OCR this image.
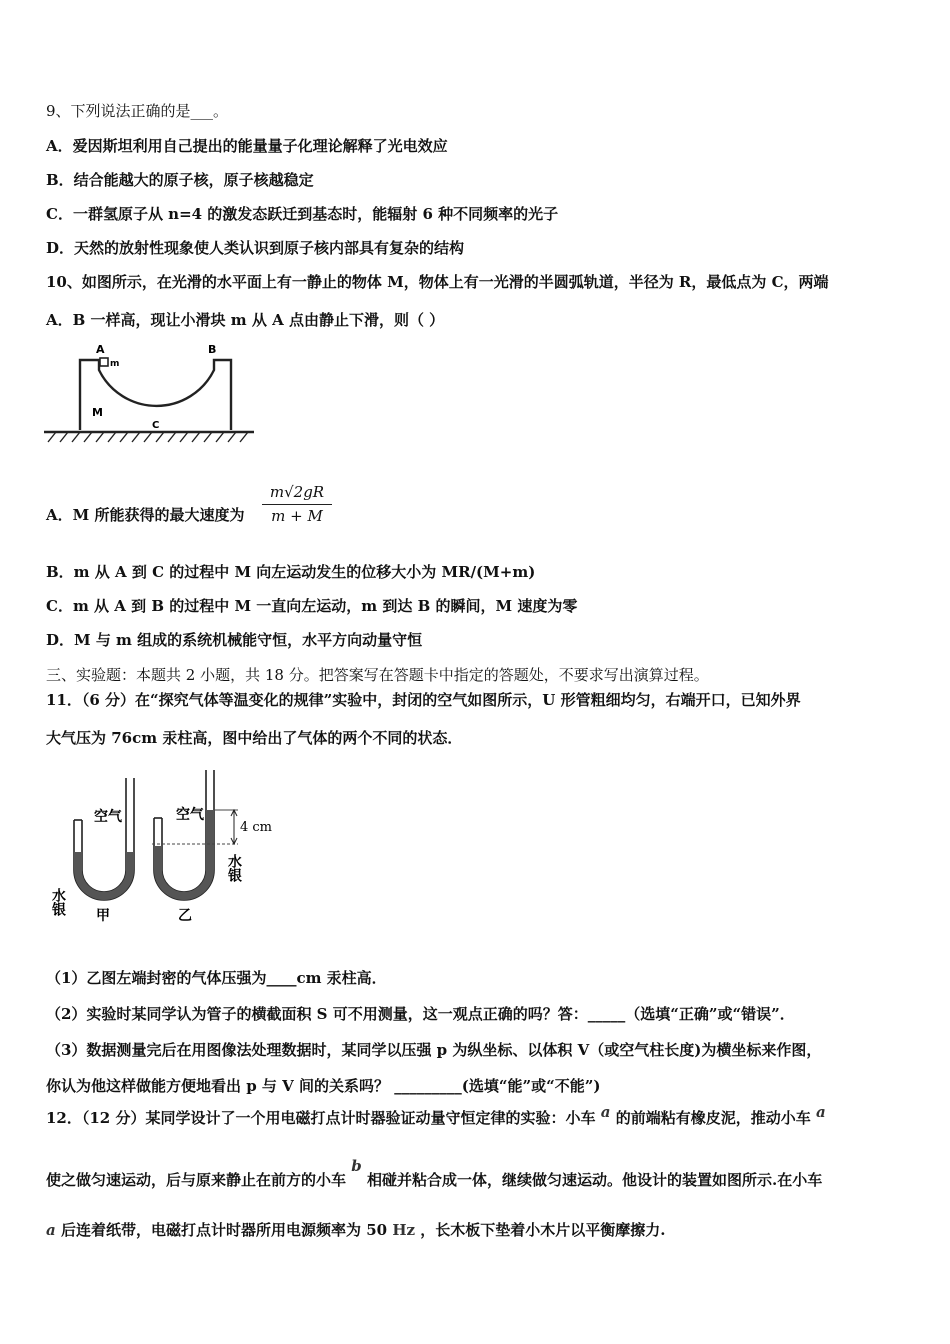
9、下列说法正确的是___。
A．爱因斯坦利用自己提出的能量量子化理论解释了光电效应
B．结合能越大的原子核，原子核越稳定
C．一群氢原子从 n=4 的激发态跃迁到基态时，能辐射 6 种不同频率的光子
D．天然的放射性现象使人类认识到原子核内部具有复杂的结构
10、如图所示，在光滑的水平面上有一静止的物体 M，物体上有一光滑的半圆弧轨道，半径为 R，最低点为 C，两端
A．B 一样高，现让小滑块 m 从 A 点由静止下滑，则（ ）
A	B
m
M
C
A．M 所能获得的最大速度为
m√2gR
m + M
B．m 从 A 到 C 的过程中 M 向左运动发生的位移大小为 MR/(M+m)
C．m 从 A 到 B 的过程中 M 一直向左运动，m 到达 B 的瞬间，M 速度为零
D．M 与 m 组成的系统机械能守恒，水平方向动量守恒
三、实验题：本题共 2 小题，共 18 分。把答案写在答题卡中指定的答题处，不要求写出演算过程。
11．（6 分）在“探究气体等温变化的规律”实验中，封闭的空气如图所示，U 形管粗细均匀，右端开口，已知外界
大气压为 76cm 汞柱高，图中给出了气体的两个不同的状态．
4 cm
空气	空气
水银
水银
甲	乙
（1）乙图左端封密的气体压强为____cm 汞柱高．
（2）实验时某同学认为管子的横截面积 S 可不用测量，这一观点正确的吗？答：_____（选填“正确”或“错误”．
（3）数据测量完后在用图像法处理数据时，某同学以压强 p 为纵坐标、以体积 V（或空气柱长度)为横坐标来作图，
你认为他这样做能方便地看出 p 与 V 间的关系吗？ _________(选填“能”或“不能”)
12．（12 分）某同学设计了一个用电磁打点计时器验证动量守恒定律的实验：小车 a 的前端粘有橡皮泥，推动小车 a
使之做匀速运动，后与原来静止在前方的小车 b 相碰并粘合成一体，继续做匀速运动。他设计的装置如图所示.在小车
a 后连着纸带，电磁打点计时器所用电源频率为 50 Hz ，长木板下垫着小木片以平衡摩擦力.
